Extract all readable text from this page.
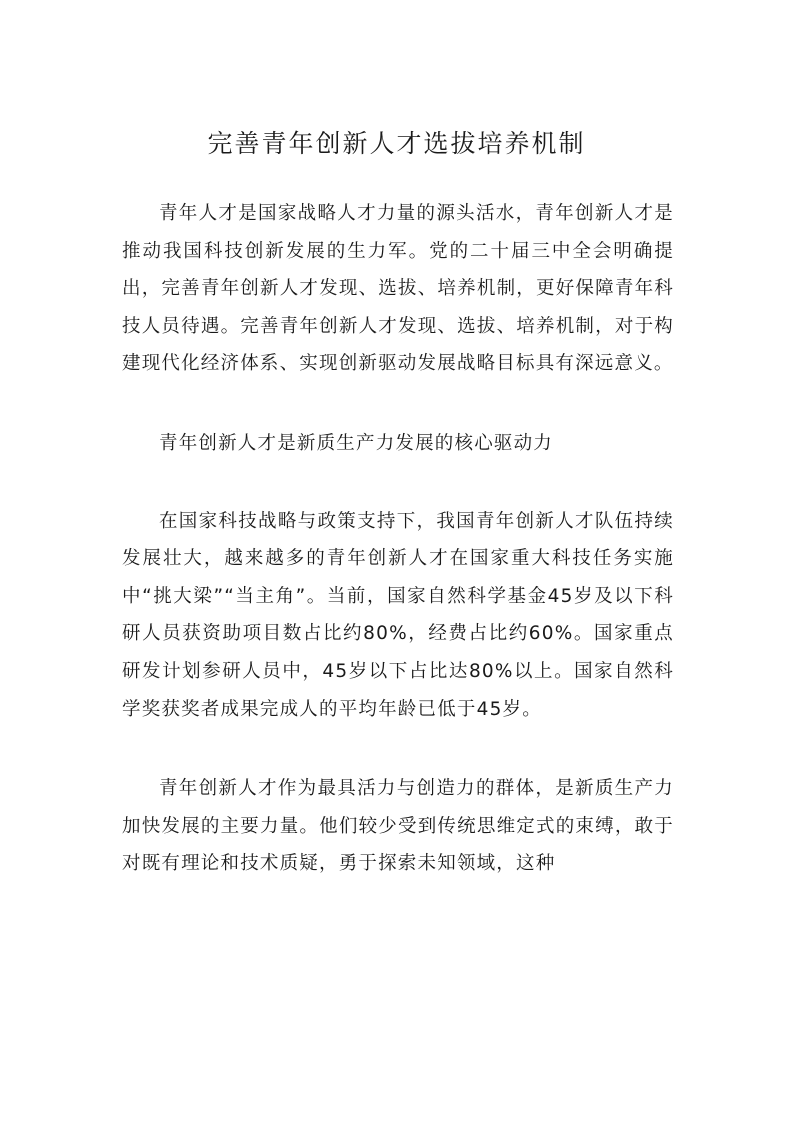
完善青年创新人才选拔培养机制

青年人才是国家战略人才力量的源头活水，青年创新人才是推动我国科技创新发展的生力军。党的二十届三中全会明确提出，完善青年创新人才发现、选拔、培养机制，更好保障青年科技人员待遇。完善青年创新人才发现、选拔、培养机制，对于构建现代化经济体系、实现创新驱动发展战略目标具有深远意义。

青年创新人才是新质生产力发展的核心驱动力

在国家科技战略与政策支持下，我国青年创新人才队伍持续发展壮大，越来越多的青年创新人才在国家重大科技任务实施中“挑大梁”“当主角”。当前，国家自然科学基金45岁及以下科研人员获资助项目数占比约80%，经费占比约60%。国家重点研发计划参研人员中，45岁以下占比达80%以上。国家自然科学奖获奖者成果完成人的平均年龄已低于45岁。

青年创新人才作为最具活力与创造力的群体，是新质生产力加快发展的主要力量。他们较少受到传统思维定式的束缚，敢于对既有理论和技术质疑，勇于探索未知领域，这种
